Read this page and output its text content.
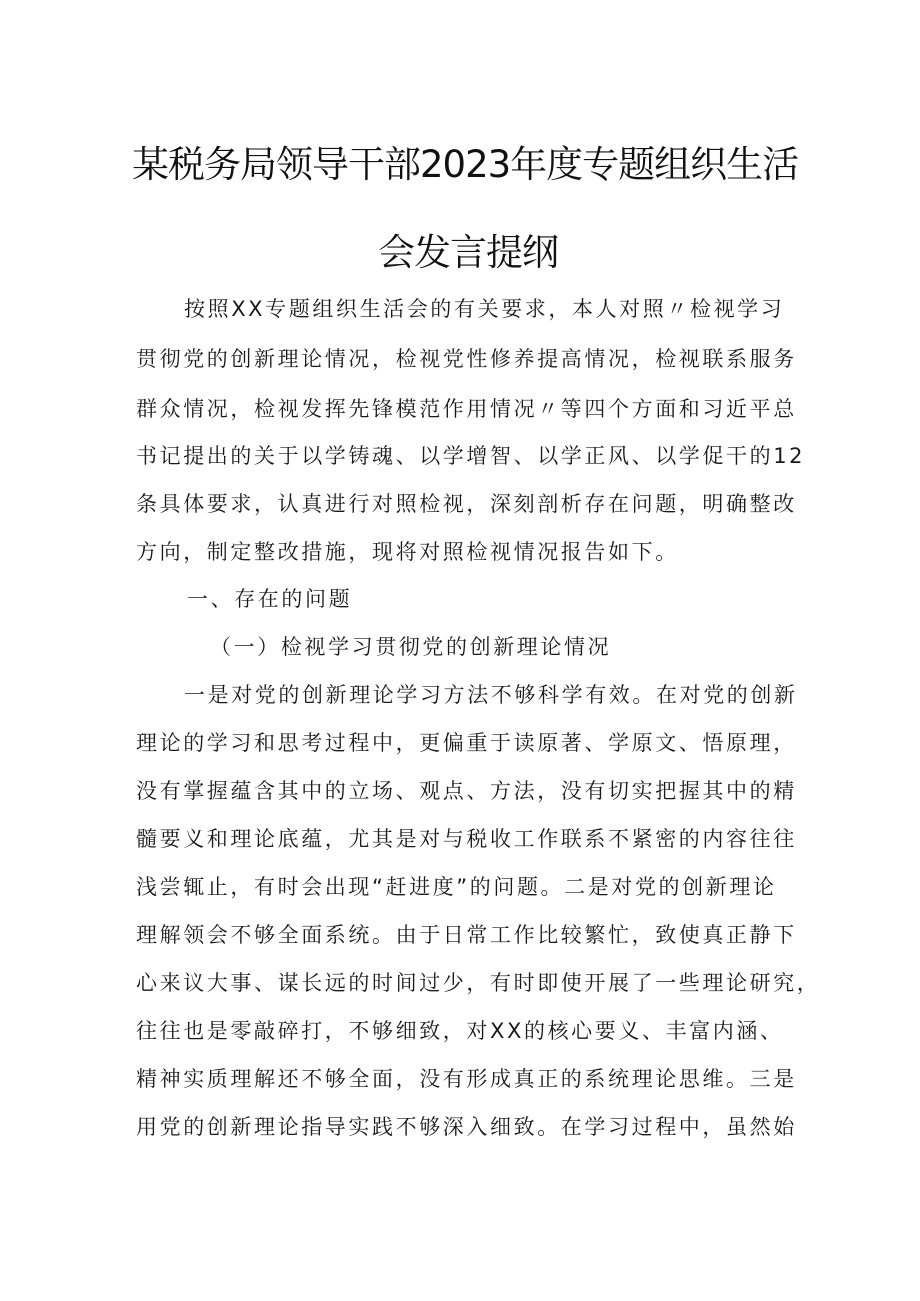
某税务局领导干部2023年度专题组织生活
会发言提纲
按照XX专题组织生活会的有关要求，本人对照〃检视学习
贯彻党的创新理论情况，检视党性修养提高情况，检视联系服务
群众情况，检视发挥先锋模范作用情况〃等四个方面和习近平总
书记提出的关于以学铸魂、以学增智、以学正风、以学促干的12
条具体要求，认真进行对照检视，深刻剖析存在问题，明确整改
方向，制定整改措施，现将对照检视情况报告如下。
一、存在的问题
（一）检视学习贯彻党的创新理论情况
一是对党的创新理论学习方法不够科学有效。在对党的创新
理论的学习和思考过程中，更偏重于读原著、学原文、悟原理，
没有掌握蕴含其中的立场、观点、方法，没有切实把握其中的精
髓要义和理论底蕴，尤其是对与税收工作联系不紧密的内容往往
浅尝辄止，有时会出现“赶进度”的问题。二是对党的创新理论
理解领会不够全面系统。由于日常工作比较繁忙，致使真正静下
心来议大事、谋长远的时间过少，有时即使开展了一些理论研究，
往往也是零敲碎打，不够细致，对XX的核心要义、丰富内涵、
精神实质理解还不够全面，没有形成真正的系统理论思维。三是
用党的创新理论指导实践不够深入细致。在学习过程中，虽然始
